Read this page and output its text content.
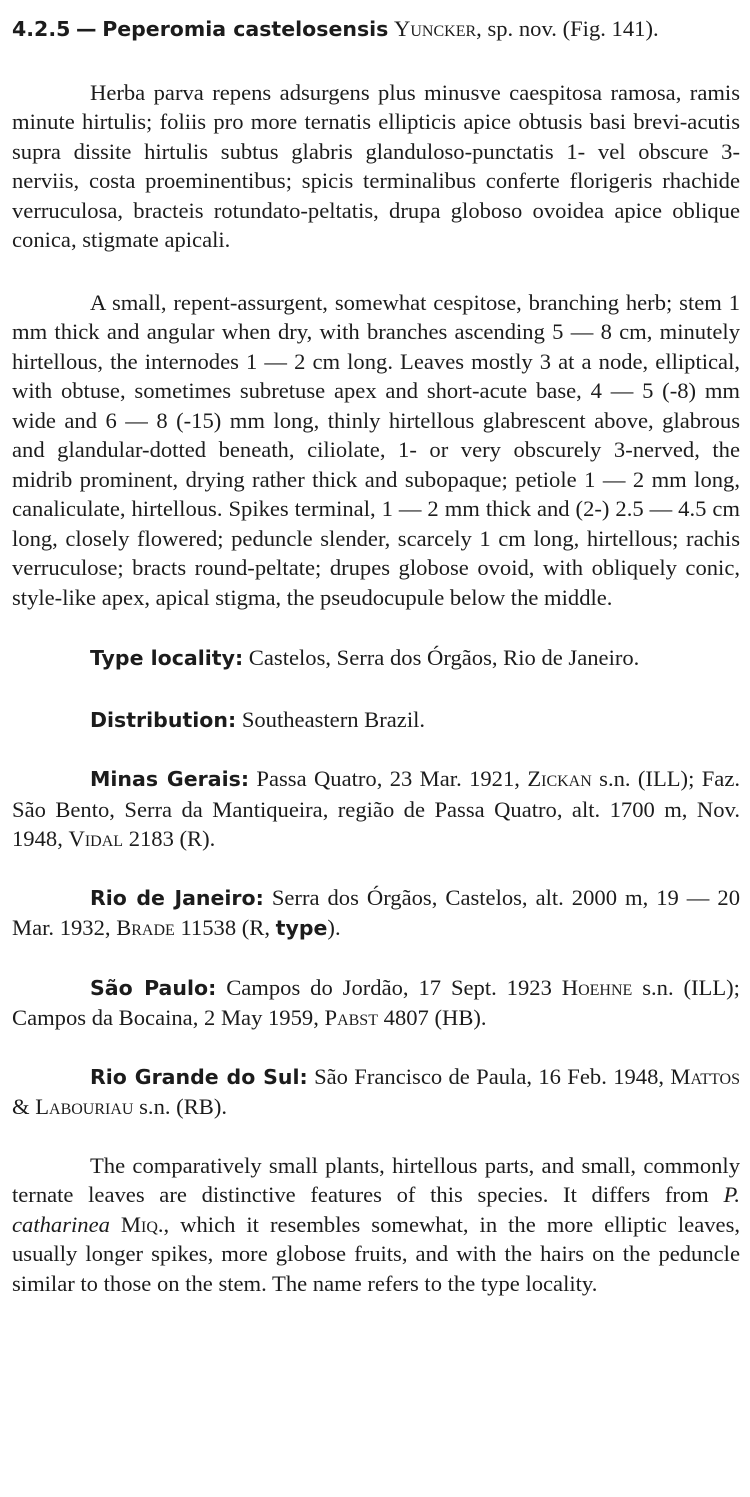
4.2.5 — Peperomia castelosensis Yuncker, sp. nov. (Fig. 141).

Herba parva repens adsurgens plus minusve caespitosa ramosa, ramis minute hirtulis; foliis pro more ternatis ellipticis apice obtusis basi brevi-acutis supra dissite hirtulis subtus glabris glanduloso-punctatis 1- vel obscure 3-nerviis, costa proeminentibus; spicis terminalibus conferte florigeris rhachide verruculosa, bracteis rotundato-peltatis, drupa globoso ovoidea apice oblique conica, stigmate apicali.

A small, repent-assurgent, somewhat cespitose, branching herb; stem 1 mm thick and angular when dry, with branches ascending 5 — 8 cm, minutely hirtellous, the internodes 1 — 2 cm long. Leaves mostly 3 at a node, elliptical, with obtuse, sometimes subretuse apex and short-acute base, 4 — 5 (-8) mm wide and 6 — 8 (-15) mm long, thinly hirtellous glabrescent above, glabrous and glandular-dotted beneath, ciliolate, 1- or very obscurely 3-nerved, the midrib prominent, drying rather thick and subopaque; petiole 1 — 2 mm long, canaliculate, hirtellous. Spikes terminal, 1 — 2 mm thick and (2-) 2.5 — 4.5 cm long, closely flowered; peduncle slender, scarcely 1 cm long, hirtellous; rachis verruculose; bracts round-peltate; drupes globose ovoid, with obliquely conic, style-like apex, apical stigma, the pseudocupule below the middle.

Type locality: Castelos, Serra dos Órgãos, Rio de Janeiro.

Distribution: Southeastern Brazil.

Minas Gerais: Passa Quatro, 23 Mar. 1921, Zickan s.n. (ILL); Faz. São Bento, Serra da Mantiqueira, região de Passa Quatro, alt. 1700 m, Nov. 1948, Vidal 2183 (R).

Rio de Janeiro: Serra dos Órgãos, Castelos, alt. 2000 m, 19 — 20 Mar. 1932, Brade 11538 (R, type).

São Paulo: Campos do Jordão, 17 Sept. 1923 Hoehne s.n. (ILL); Campos da Bocaina, 2 May 1959, Pabst 4807 (HB).

Rio Grande do Sul: São Francisco de Paula, 16 Feb. 1948, Mattos & Labouriau s.n. (RB).

The comparatively small plants, hirtellous parts, and small, commonly ternate leaves are distinctive features of this species. It differs from P. catharinea Miq., which it resembles somewhat, in the more elliptic leaves, usually longer spikes, more globose fruits, and with the hairs on the peduncle similar to those on the stem. The name refers to the type locality.
